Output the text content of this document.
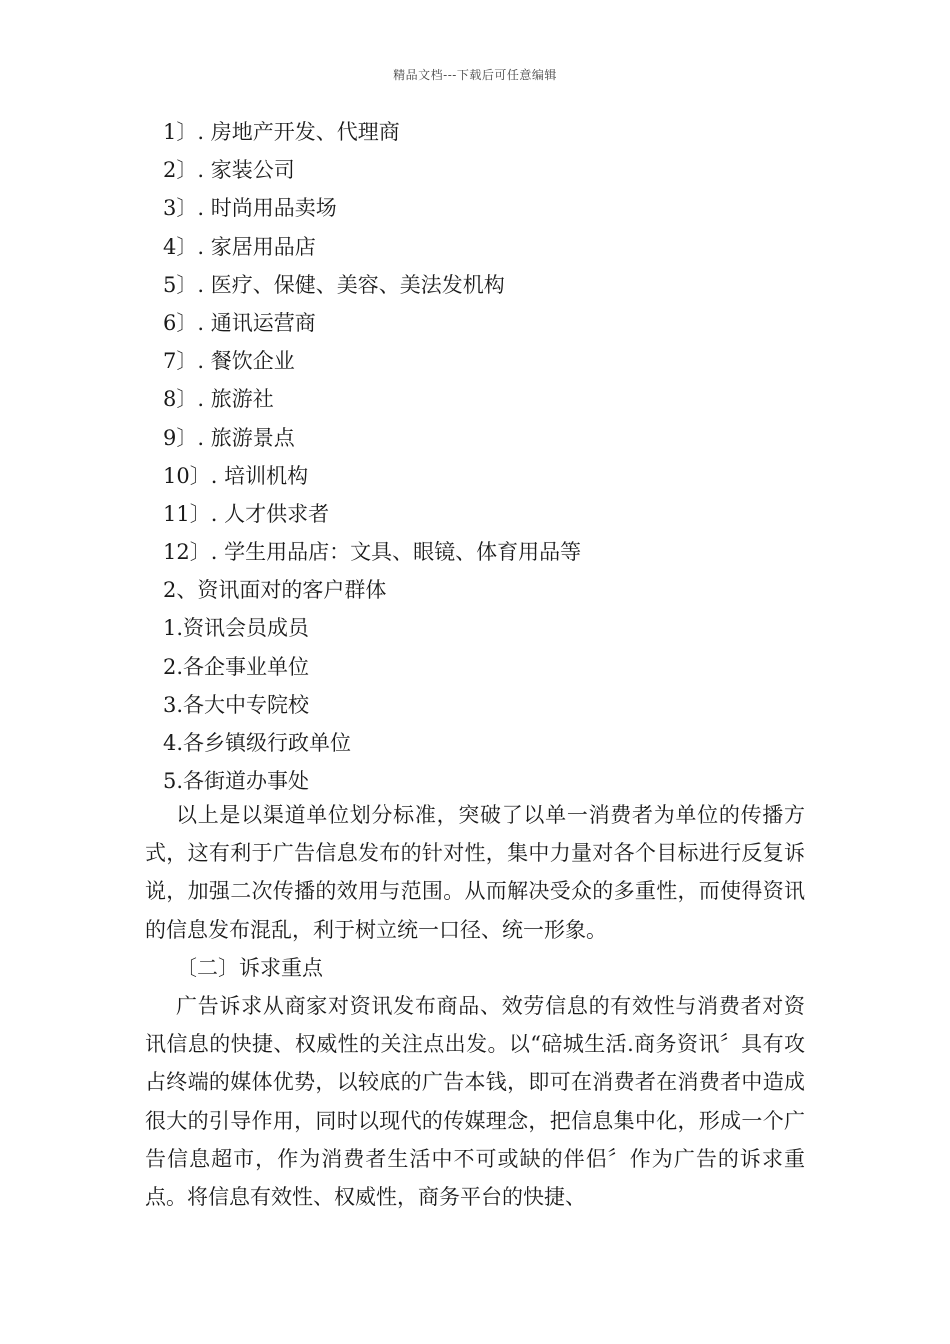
精品文档---下载后可任意编辑
1〕. 房地产开发、代理商
2〕. 家装公司
3〕. 时尚用品卖场
4〕. 家居用品店
5〕. 医疗、保健、美容、美法发机构
6〕. 通讯运营商
7〕. 餐饮企业
8〕. 旅游社
9〕. 旅游景点
10〕. 培训机构
11〕. 人才供求者
12〕. 学生用品店：文具、眼镜、体育用品等
2、资讯面对的客户群体
1.资讯会员成员
2.各企事业单位
3.各大中专院校
4.各乡镇级行政单位
5.各街道办事处
以上是以渠道单位划分标准，突破了以单一消费者为单位的传播方式，这有利于广告信息发布的针对性，集中力量对各个目标进行反复诉说，加强二次传播的效用与范围。从而解决受众的多重性，而使得资讯的信息发布混乱，利于树立统一口径、统一形象。
〔二〕诉求重点
广告诉求从商家对资讯发布商品、效劳信息的有效性与消费者对资讯信息的快捷、权威性的关注点出发。以“碚城生活.商务资讯〞具有攻占终端的媒体优势，以较底的广告本钱，即可在消费者在消费者中造成很大的引导作用，同时以现代的传媒理念，把信息集中化，形成一个广告信息超市，作为消费者生活中不可或缺的伴侣〞作为广告的诉求重点。将信息有效性、权威性，商务平台的快捷、
